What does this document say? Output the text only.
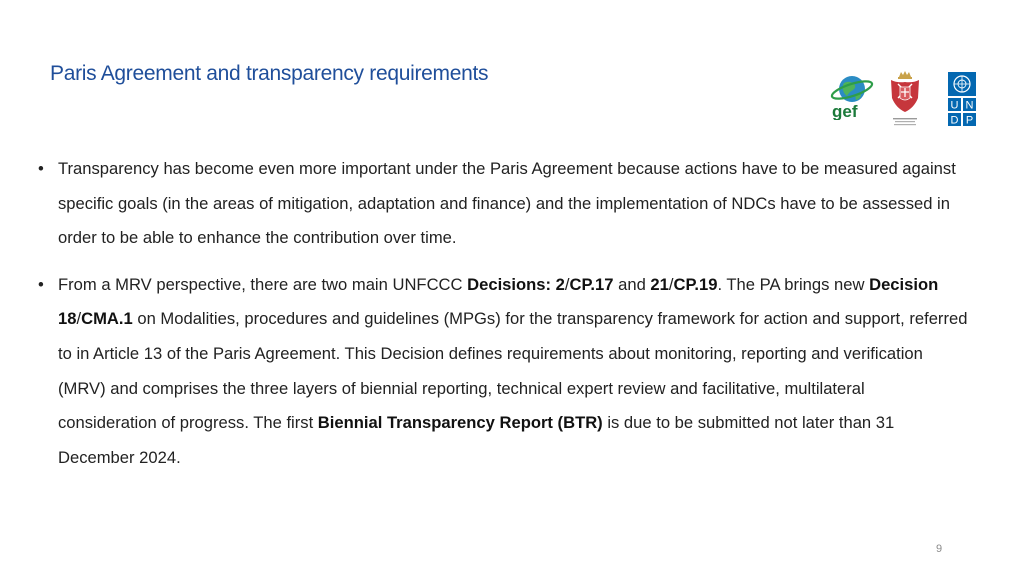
Paris Agreement and transparency requirements
gef	U N
D P
• Transparency has become even more important under the Paris Agreement because actions have to be measured against specific goals (in the areas of mitigation, adaptation and finance) and the implementation of NDCs have to be assessed in order to be able to enhance the contribution over time.
• From a MRV perspective, there are two main UNFCCC Decisions: 2/CP.17 and 21/CP.19. The PA brings new Decision 18/CMA.1 on Modalities, procedures and guidelines (MPGs) for the transparency framework for action and support, referred to in Article 13 of the Paris Agreement. This Decision defines requirements about monitoring, reporting and verification (MRV) and comprises the three layers of biennial reporting, technical expert review and facilitative, multilateral consideration of progress. The first Biennial Transparency Report (BTR) is due to be submitted not later than 31 December 2024.
9
